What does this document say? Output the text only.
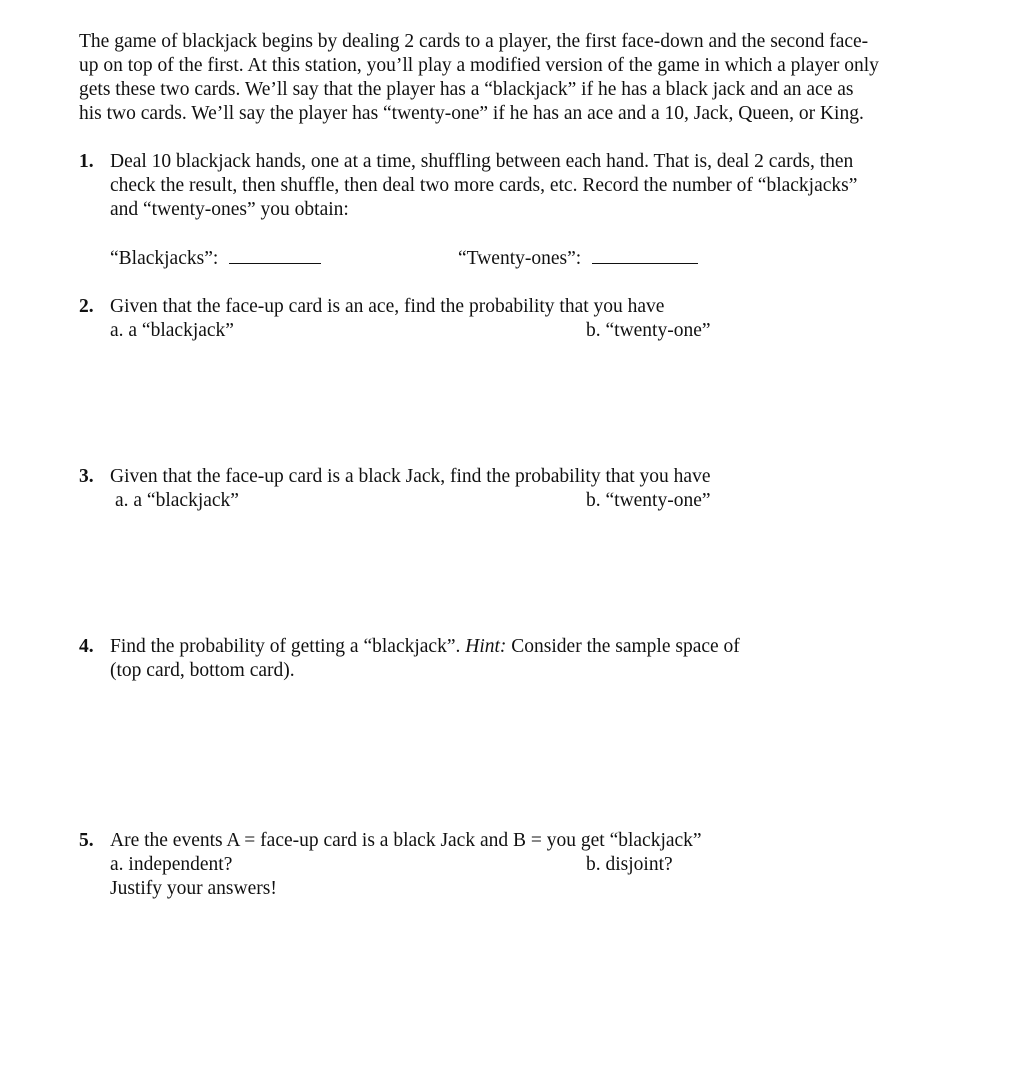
The game of blackjack begins by dealing 2 cards to a player, the first face-down and the second face-

up on top of the first. At this station, you’ll play a modified version of the game in which a player only

gets these two cards. We’ll say that the player has a “blackjack” if he has a black jack and an ace as

his two cards. We’ll say the player has “twenty-one” if he has an ace and a 10, Jack, Queen, or King.

1. Deal 10 blackjack hands, one at a time, shuffling between each hand. That is, deal 2 cards, then
check the result, then shuffle, then deal two more cards, etc. Record the number of “blackjacks”
and “twenty-ones” you obtain:
“Blackjacks”:	“Twenty-ones”:
2. Given that the face-up card is an ace, find the probability that you have
a. a “blackjack”	b. “twenty-one”
3. Given that the face-up card is a black Jack, find the probability that you have
a. a “blackjack”	b. “twenty-one”
4. Find the probability of getting a “blackjack”. Hint: Consider the sample space of
(top card, bottom card).
5. Are the events A = face-up card is a black Jack and B = you get “blackjack”
a. independent?	b. disjoint?
Justify your answers!
